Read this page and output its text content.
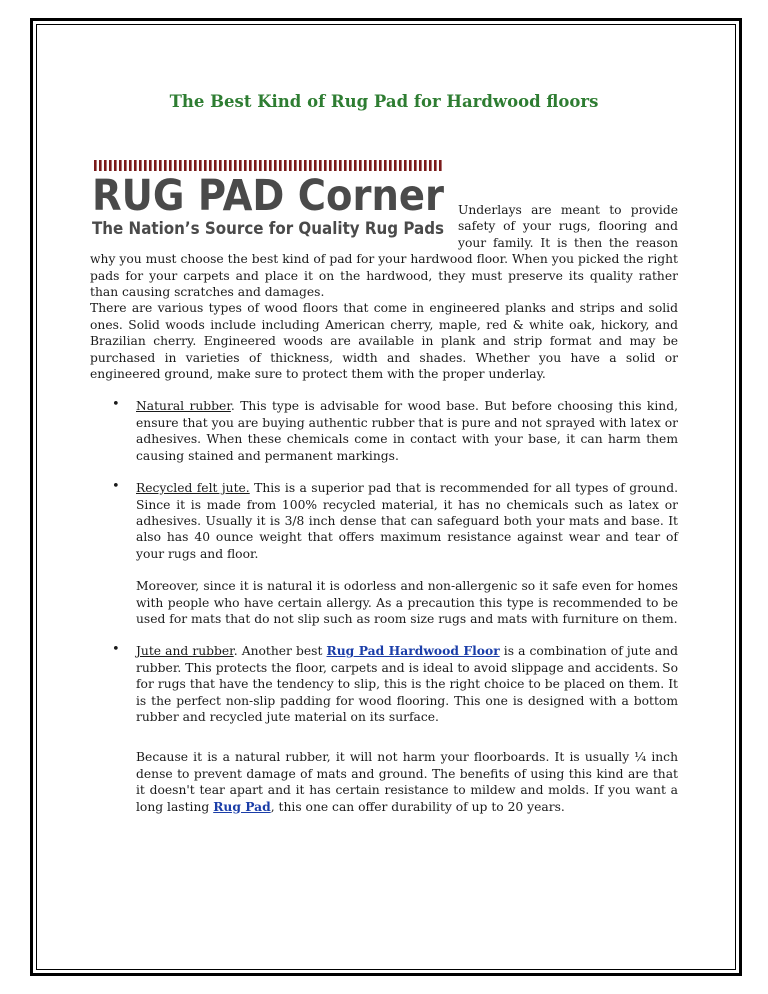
The Best Kind of Rug Pad for Hardwood floors
RUG PAD Corner
The Nation’s Source for Quality Rug Pads

Underlays are meant to provide safety of your rugs, flooring and your family. It is then the reason why you must choose the best kind of pad for your hardwood floor. When you picked the right pads for your carpets and place it on the hardwood, they must preserve its quality rather than causing scratches and damages.

There are various types of wood floors that come in engineered planks and strips and solid ones. Solid woods include including American cherry, maple, red & white oak, hickory, and Brazilian cherry. Engineered woods are available in plank and strip format and may be purchased in varieties of thickness, width and shades. Whether you have a solid or engineered ground, make sure to protect them with the proper underlay.

• Natural rubber. This type is advisable for wood base. But before choosing this kind, ensure that you are buying authentic rubber that is pure and not sprayed with latex or adhesives. When these chemicals come in contact with your base, it can harm them causing stained and permanent markings.
• Recycled felt jute. This is a superior pad that is recommended for all types of ground. Since it is made from 100% recycled material, it has no chemicals such as latex or adhesives. Usually it is 3/8 inch dense that can safeguard both your mats and base. It also has 40 ounce weight that offers maximum resistance against wear and tear of your rugs and floor.

Moreover, since it is natural it is odorless and non-allergenic so it safe even for homes with people who have certain allergy. As a precaution this type is recommended to be used for mats that do not slip such as room size rugs and mats with furniture on them.

• Jute and rubber. Another best Rug Pad Hardwood Floor is a combination of jute and rubber. This protects the floor, carpets and is ideal to avoid slippage and accidents. So for rugs that have the tendency to slip, this is the right choice to be placed on them. It is the perfect non-slip padding for wood flooring. This one is designed with a bottom rubber and recycled jute material on its surface.

Because it is a natural rubber, it will not harm your floorboards. It is usually ¼ inch dense to prevent damage of mats and ground. The benefits of using this kind are that it doesn't tear apart and it has certain resistance to mildew and molds. If you want a long lasting Rug Pad, this one can offer durability of up to 20 years.
